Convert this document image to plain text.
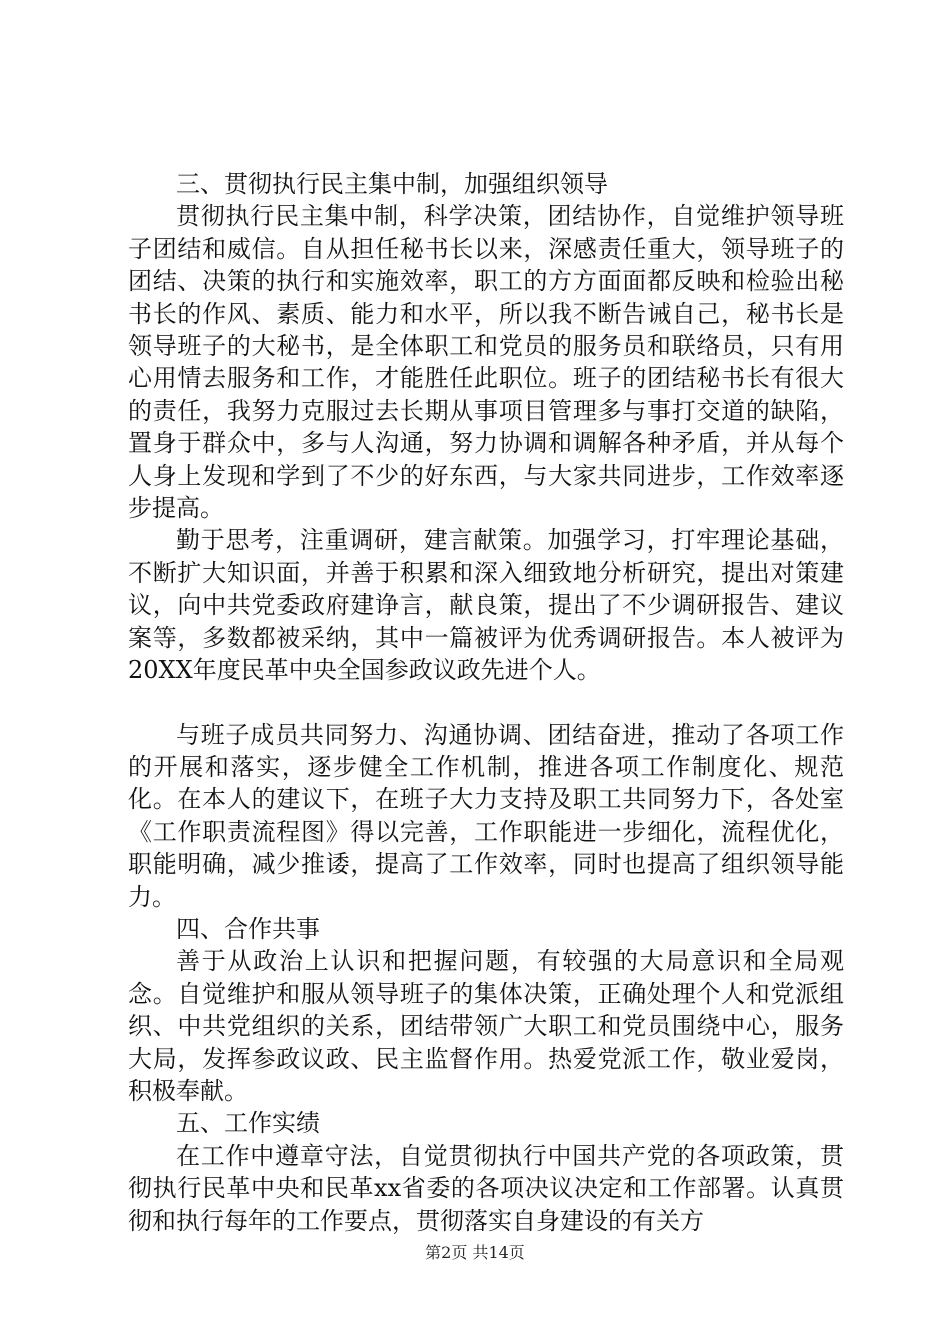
三、贯彻执行民主集中制，加强组织领导

贯彻执行民主集中制，科学决策，团结协作，自觉维护领导班子团结和威信。自从担任秘书长以来，深感责任重大，领导班子的团结、决策的执行和实施效率，职工的方方面面都反映和检验出秘书长的作风、素质、能力和水平，所以我不断告诫自己，秘书长是领导班子的大秘书，是全体职工和党员的服务员和联络员，只有用心用情去服务和工作，才能胜任此职位。班子的团结秘书长有很大的责任，我努力克服过去长期从事项目管理多与事打交道的缺陷，置身于群众中，多与人沟通，努力协调和调解各种矛盾，并从每个人身上发现和学到了不少的好东西，与大家共同进步，工作效率逐步提高。

勤于思考，注重调研，建言献策。加强学习，打牢理论基础，不断扩大知识面，并善于积累和深入细致地分析研究，提出对策建议，向中共党委政府建诤言，献良策，提出了不少调研报告、建议案等，多数都被采纳，其中一篇被评为优秀调研报告。本人被评为20XX年度民革中央全国参政议政先进个人。

与班子成员共同努力、沟通协调、团结奋进，推动了各项工作的开展和落实，逐步健全工作机制，推进各项工作制度化、规范化。在本人的建议下，在班子大力支持及职工共同努力下，各处室《工作职责流程图》得以完善，工作职能进一步细化，流程优化，职能明确，减少推诿，提高了工作效率，同时也提高了组织领导能力。

四、合作共事

善于从政治上认识和把握问题，有较强的大局意识和全局观念。自觉维护和服从领导班子的集体决策，正确处理个人和党派组织、中共党组织的关系，团结带领广大职工和党员围绕中心，服务大局，发挥参政议政、民主监督作用。热爱党派工作，敬业爱岗，积极奉献。

五、工作实绩

在工作中遵章守法，自觉贯彻执行中国共产党的各项政策，贯彻执行民革中央和民革xx省委的各项决议决定和工作部署。认真贯彻和执行每年的工作要点，贯彻落实自身建设的有关方

第2页 共14页
